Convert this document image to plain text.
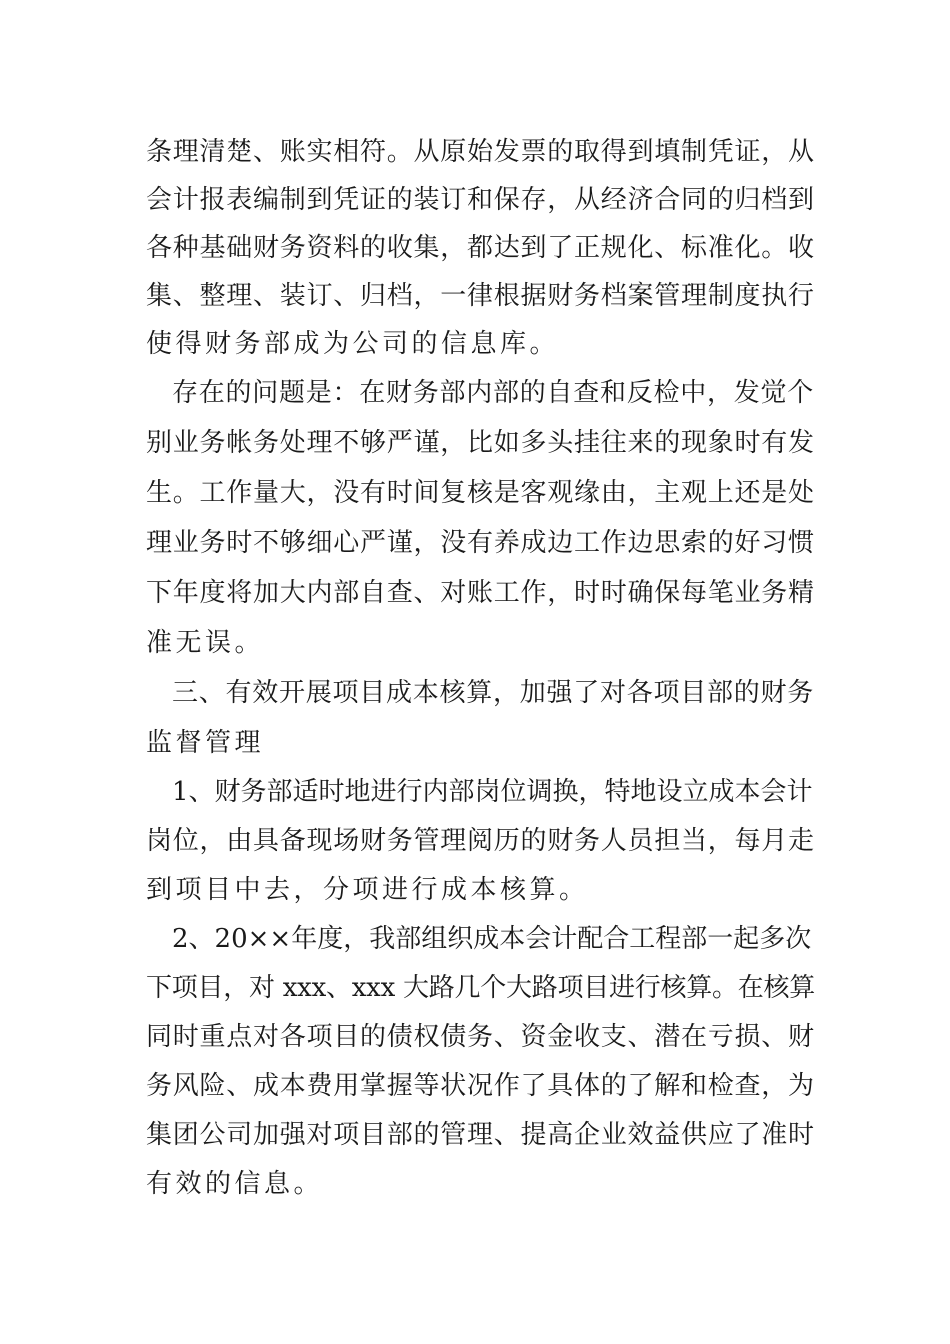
条理清楚、账实相符。从原始发票的取得到填制凭证，从
会计报表编制到凭证的装订和保存，从经济合同的归档到
各种基础财务资料的收集，都达到了正规化、标准化。收
集、整理、装订、归档，一律根据财务档案管理制度执行
使得财务部成为公司的信息库。
存在的问题是：在财务部内部的自查和反检中，发觉个
别业务帐务处理不够严谨，比如多头挂往来的现象时有发
生。工作量大，没有时间复核是客观缘由，主观上还是处
理业务时不够细心严谨，没有养成边工作边思索的好习惯
下年度将加大内部自查、对账工作，时时确保每笔业务精
准无误。
三、有效开展项目成本核算，加强了对各项目部的财务
监督管理
1、财务部适时地进行内部岗位调换，特地设立成本会计
岗位，由具备现场财务管理阅历的财务人员担当，每月走
到项目中去，分项进行成本核算。
2、20××年度，我部组织成本会计配合工程部一起多次
下项目，对 xxx、xxx 大路几个大路项目进行核算。在核算
同时重点对各项目的债权债务、资金收支、潜在亏损、财
务风险、成本费用掌握等状况作了具体的了解和检查，为
集团公司加强对项目部的管理、提高企业效益供应了准时
有效的信息。
